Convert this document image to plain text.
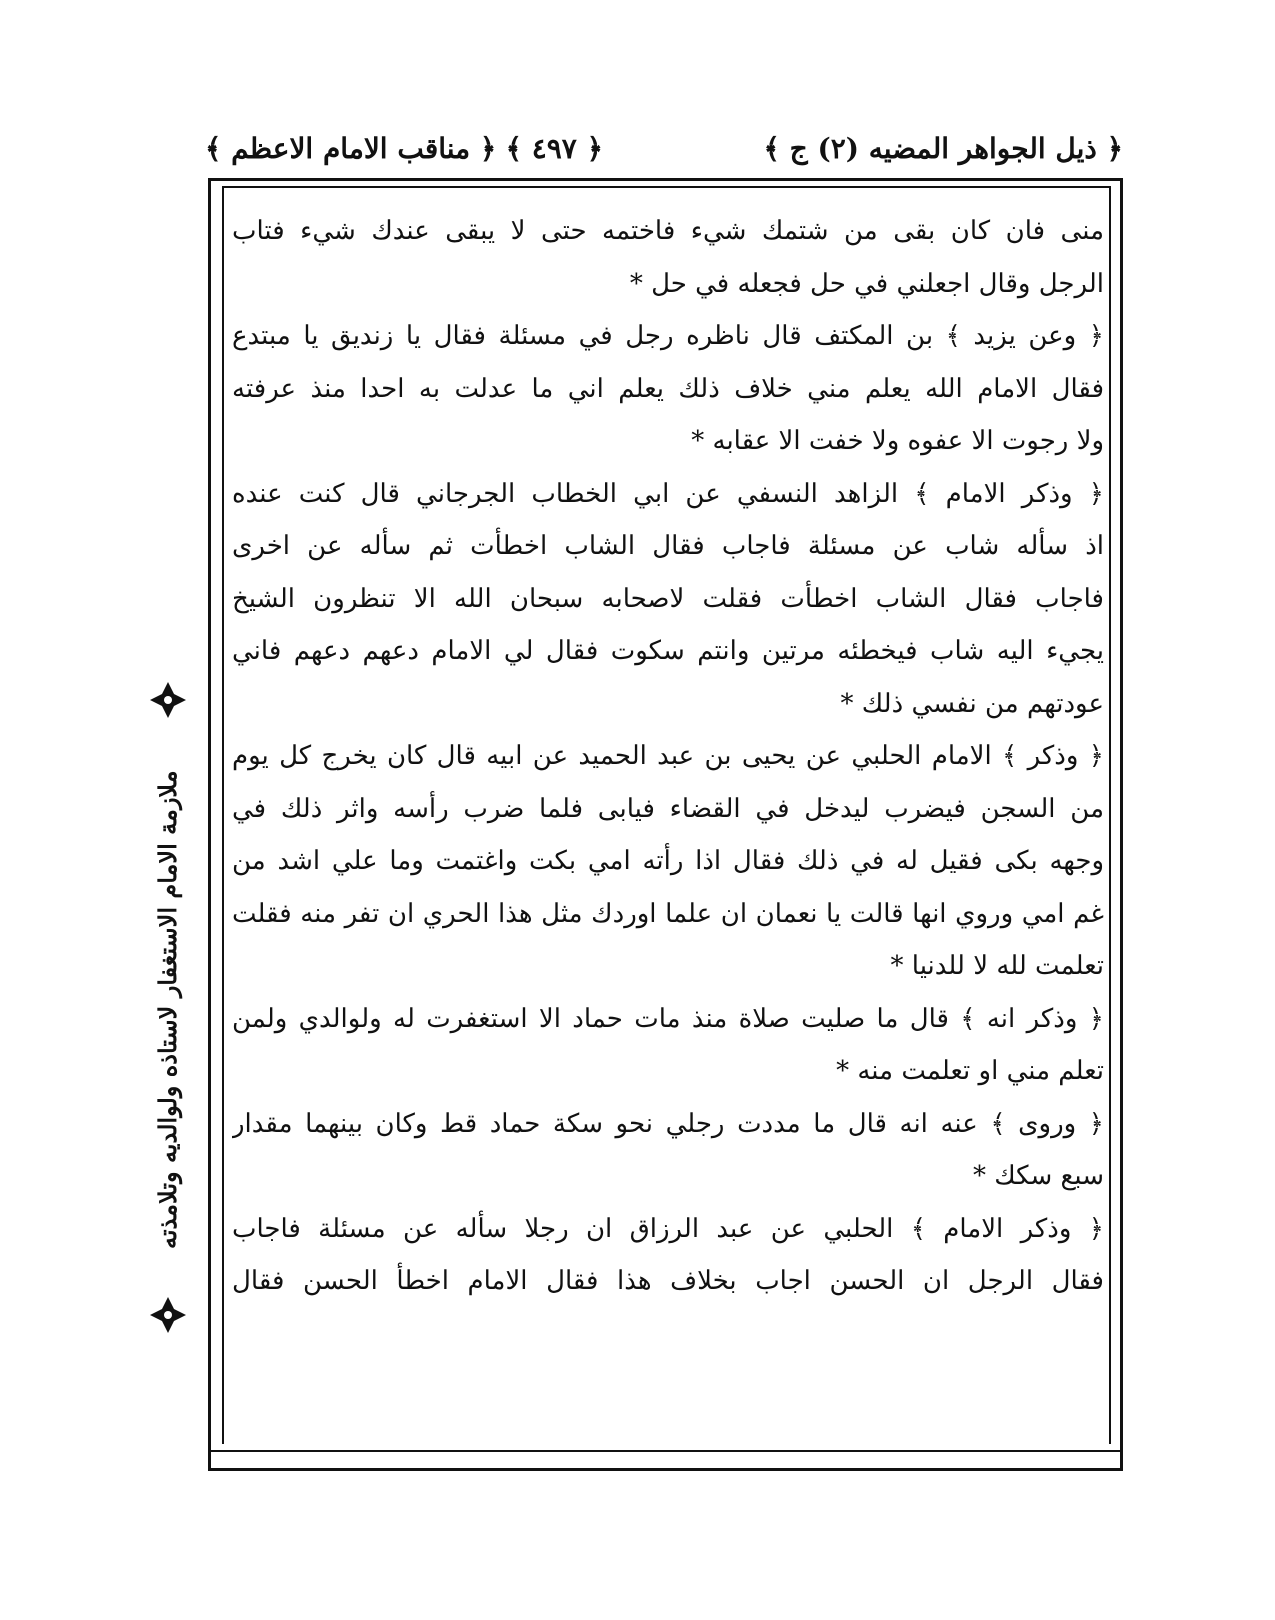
﴿ ذيل الجواهر المضيه (٢) ج ﴾
﴿ ٤٩٧ ﴾
﴿ مناقب الامام الاعظم ﴾
منى فان كان بقى من شتمك شيء فاختمه حتى لا يبقى عندك شيء فتاب
الرجل وقال اجعلني في حل فجعله في حل *
﴿ وعن يزيد ﴾ بن المكتف قال ناظره رجل في مسئلة فقال يا زنديق يا مبتدع
فقال الامام الله يعلم مني خلاف ذلك يعلم اني ما عدلت به احدا منذ عرفته
ولا رجوت الا عفوه ولا خفت الا عقابه *
﴿ وذكر الامام ﴾ الزاهد النسفي عن ابي الخطاب الجرجاني قال كنت عنده
اذ سأله شاب عن مسئلة فاجاب فقال الشاب اخطأت ثم سأله عن اخرى
فاجاب فقال الشاب اخطأت فقلت لاصحابه سبحان الله الا تنظرون الشيخ
يجيء اليه شاب فيخطئه مرتين وانتم سكوت فقال لي الامام دعهم دعهم فاني
عودتهم من نفسي ذلك *
﴿ وذكر ﴾ الامام الحلبي عن يحيى بن عبد الحميد عن ابيه قال كان يخرج كل يوم
من السجن فيضرب ليدخل في القضاء فيابى فلما ضرب رأسه واثر ذلك في
وجهه بكى فقيل له في ذلك فقال اذا رأته امي بكت واغتمت وما علي اشد من
غم امي وروي انها قالت يا نعمان ان علما اوردك مثل هذا الحري ان تفر منه فقلت
تعلمت لله لا للدنيا *
﴿ وذكر انه ﴾ قال ما صليت صلاة منذ مات حماد الا استغفرت له ولوالدي ولمن
تعلم مني او تعلمت منه *
﴿ وروى ﴾ عنه انه قال ما مددت رجلي نحو سكة حماد قط وكان بينهما مقدار
سبع سكك *
﴿ وذكر الامام ﴾ الحلبي عن عبد الرزاق ان رجلا سأله عن مسئلة فاجاب
فقال الرجل ان الحسن اجاب بخلاف هذا فقال الامام اخطأ الحسن فقال
ملازمة الامام الاستغفار لاستاذه ولوالديه وتلامذته
